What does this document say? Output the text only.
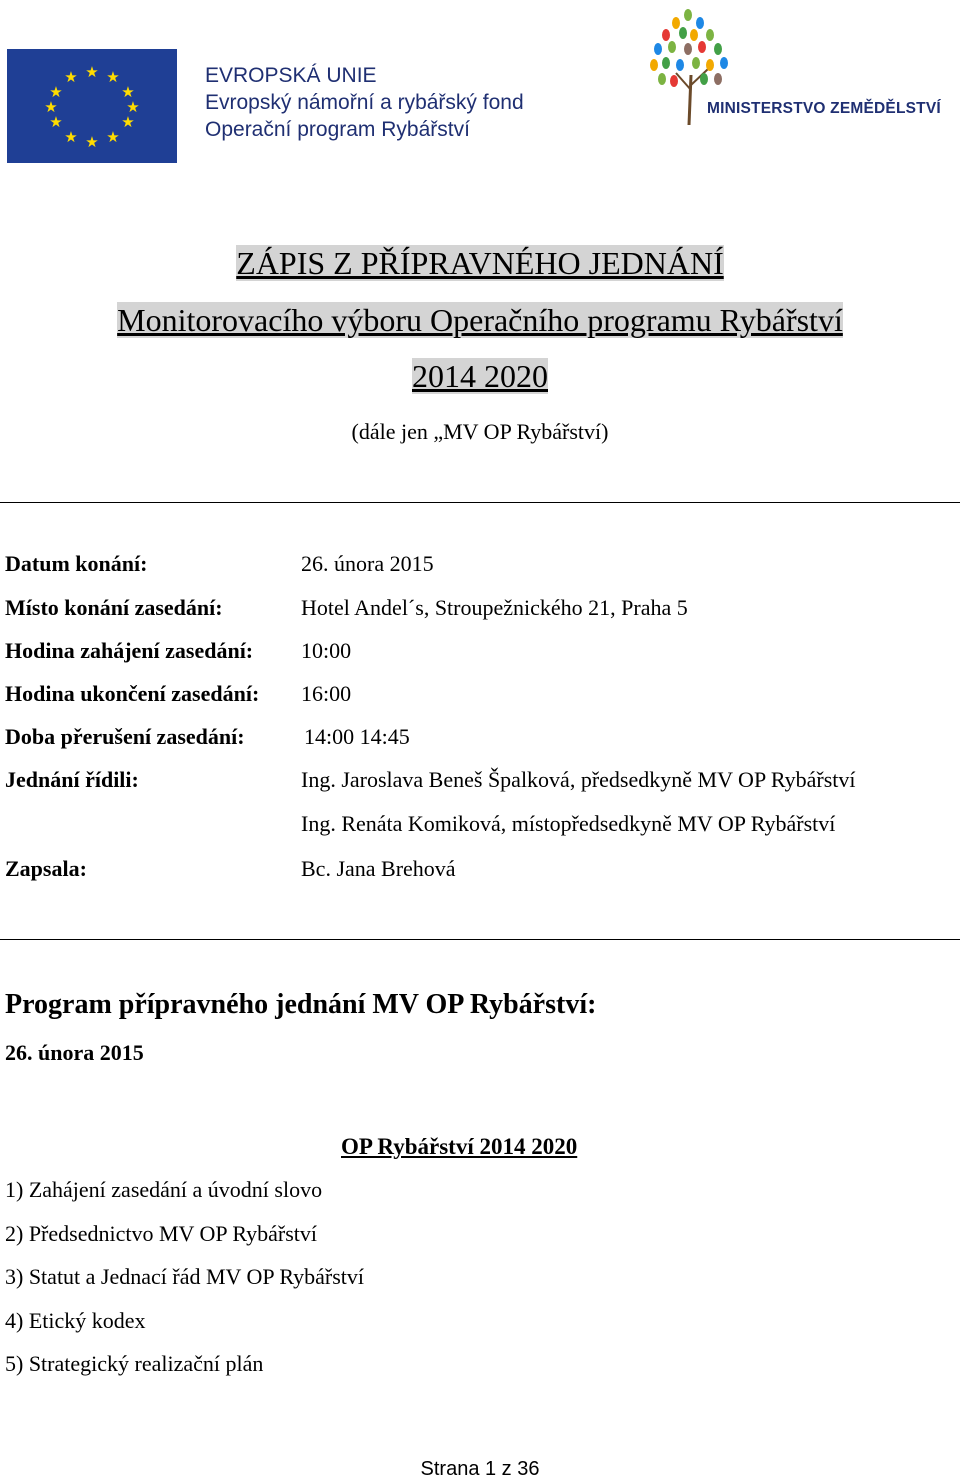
★ ★
★
★
★
★
★
★
★
★
★
★	EVROPSKÁ UNIE
Evropský námořní a rybářský fond
Operační program Rybářství
MINISTERSTVO ZEMĚDĚLSTVÍ
ZÁPIS Z PŘÍPRAVNÉHO JEDNÁNÍ
Monitorovacího výboru Operačního programu Rybářství
2014 2020
(dále jen „MV OP Rybářství)
Datum konání:	26. února 2015
Místo konání zasedání:	Hotel Andel´s, Stroupežnického 21, Praha 5
Hodina zahájení zasedání: 10:00
Hodina ukončení zasedání: 16:00
Doba přerušení zasedání:	14:00 14:45
Jednání řídili:	Ing. Jaroslava Beneš Špalková, předsedkyně MV OP Rybářství
Ing. Renáta Komiková, místopředsedkyně MV OP Rybářství
Zapsala:	Bc. Jana Brehová
Program přípravného jednání MV OP Rybářství:
26. února 2015
OP Rybářství 2014 2020
1) Zahájení zasedání a úvodní slovo
2) Předsednictvo MV OP Rybářství
3) Statut a Jednací řád MV OP Rybářství
4) Etický kodex
5) Strategický realizační plán
Strana 1 z 36
